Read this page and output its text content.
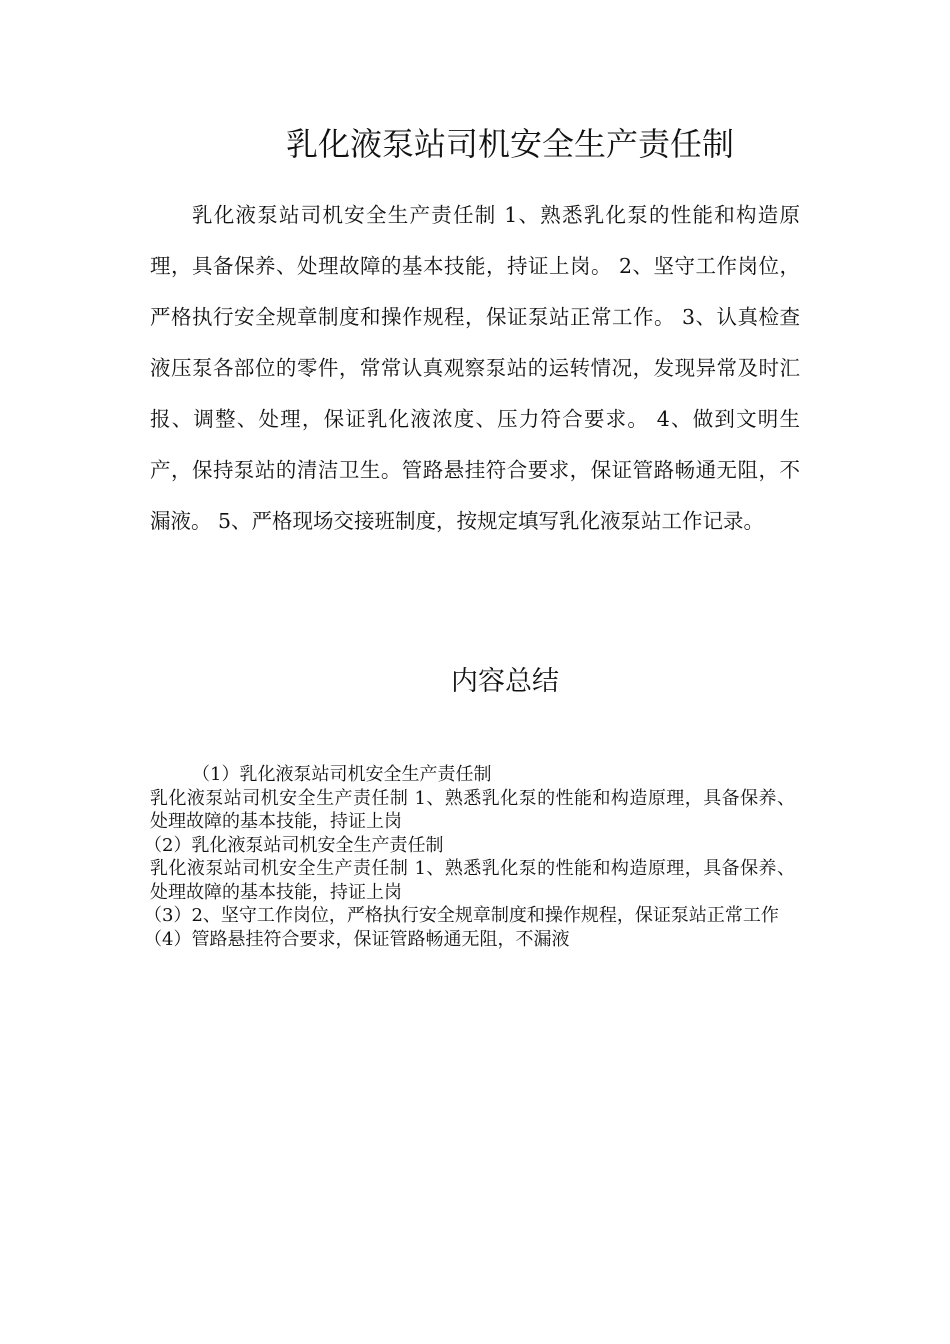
乳化液泵站司机安全生产责任制

乳化液泵站司机安全生产责任制 1、熟悉乳化泵的性能和构造原理，具备保养、处理故障的基本技能，持证上岗。 2、坚守工作岗位，严格执行安全规章制度和操作规程，保证泵站正常工作。 3、认真检查液压泵各部位的零件，常常认真观察泵站的运转情况，发现异常及时汇报、调整、处理，保证乳化液浓度、压力符合要求。 4、做到文明生产，保持泵站的清洁卫生。管路悬挂符合要求，保证管路畅通无阻，不漏液。 5、严格现场交接班制度，按规定填写乳化液泵站工作记录。

内容总结

（1）乳化液泵站司机安全生产责任制

乳化液泵站司机安全生产责任制 1、熟悉乳化泵的性能和构造原理，具备保养、处理故障的基本技能，持证上岗

（2）乳化液泵站司机安全生产责任制

乳化液泵站司机安全生产责任制 1、熟悉乳化泵的性能和构造原理，具备保养、处理故障的基本技能，持证上岗

（3）2、坚守工作岗位，严格执行安全规章制度和操作规程，保证泵站正常工作

（4）管路悬挂符合要求，保证管路畅通无阻，不漏液
